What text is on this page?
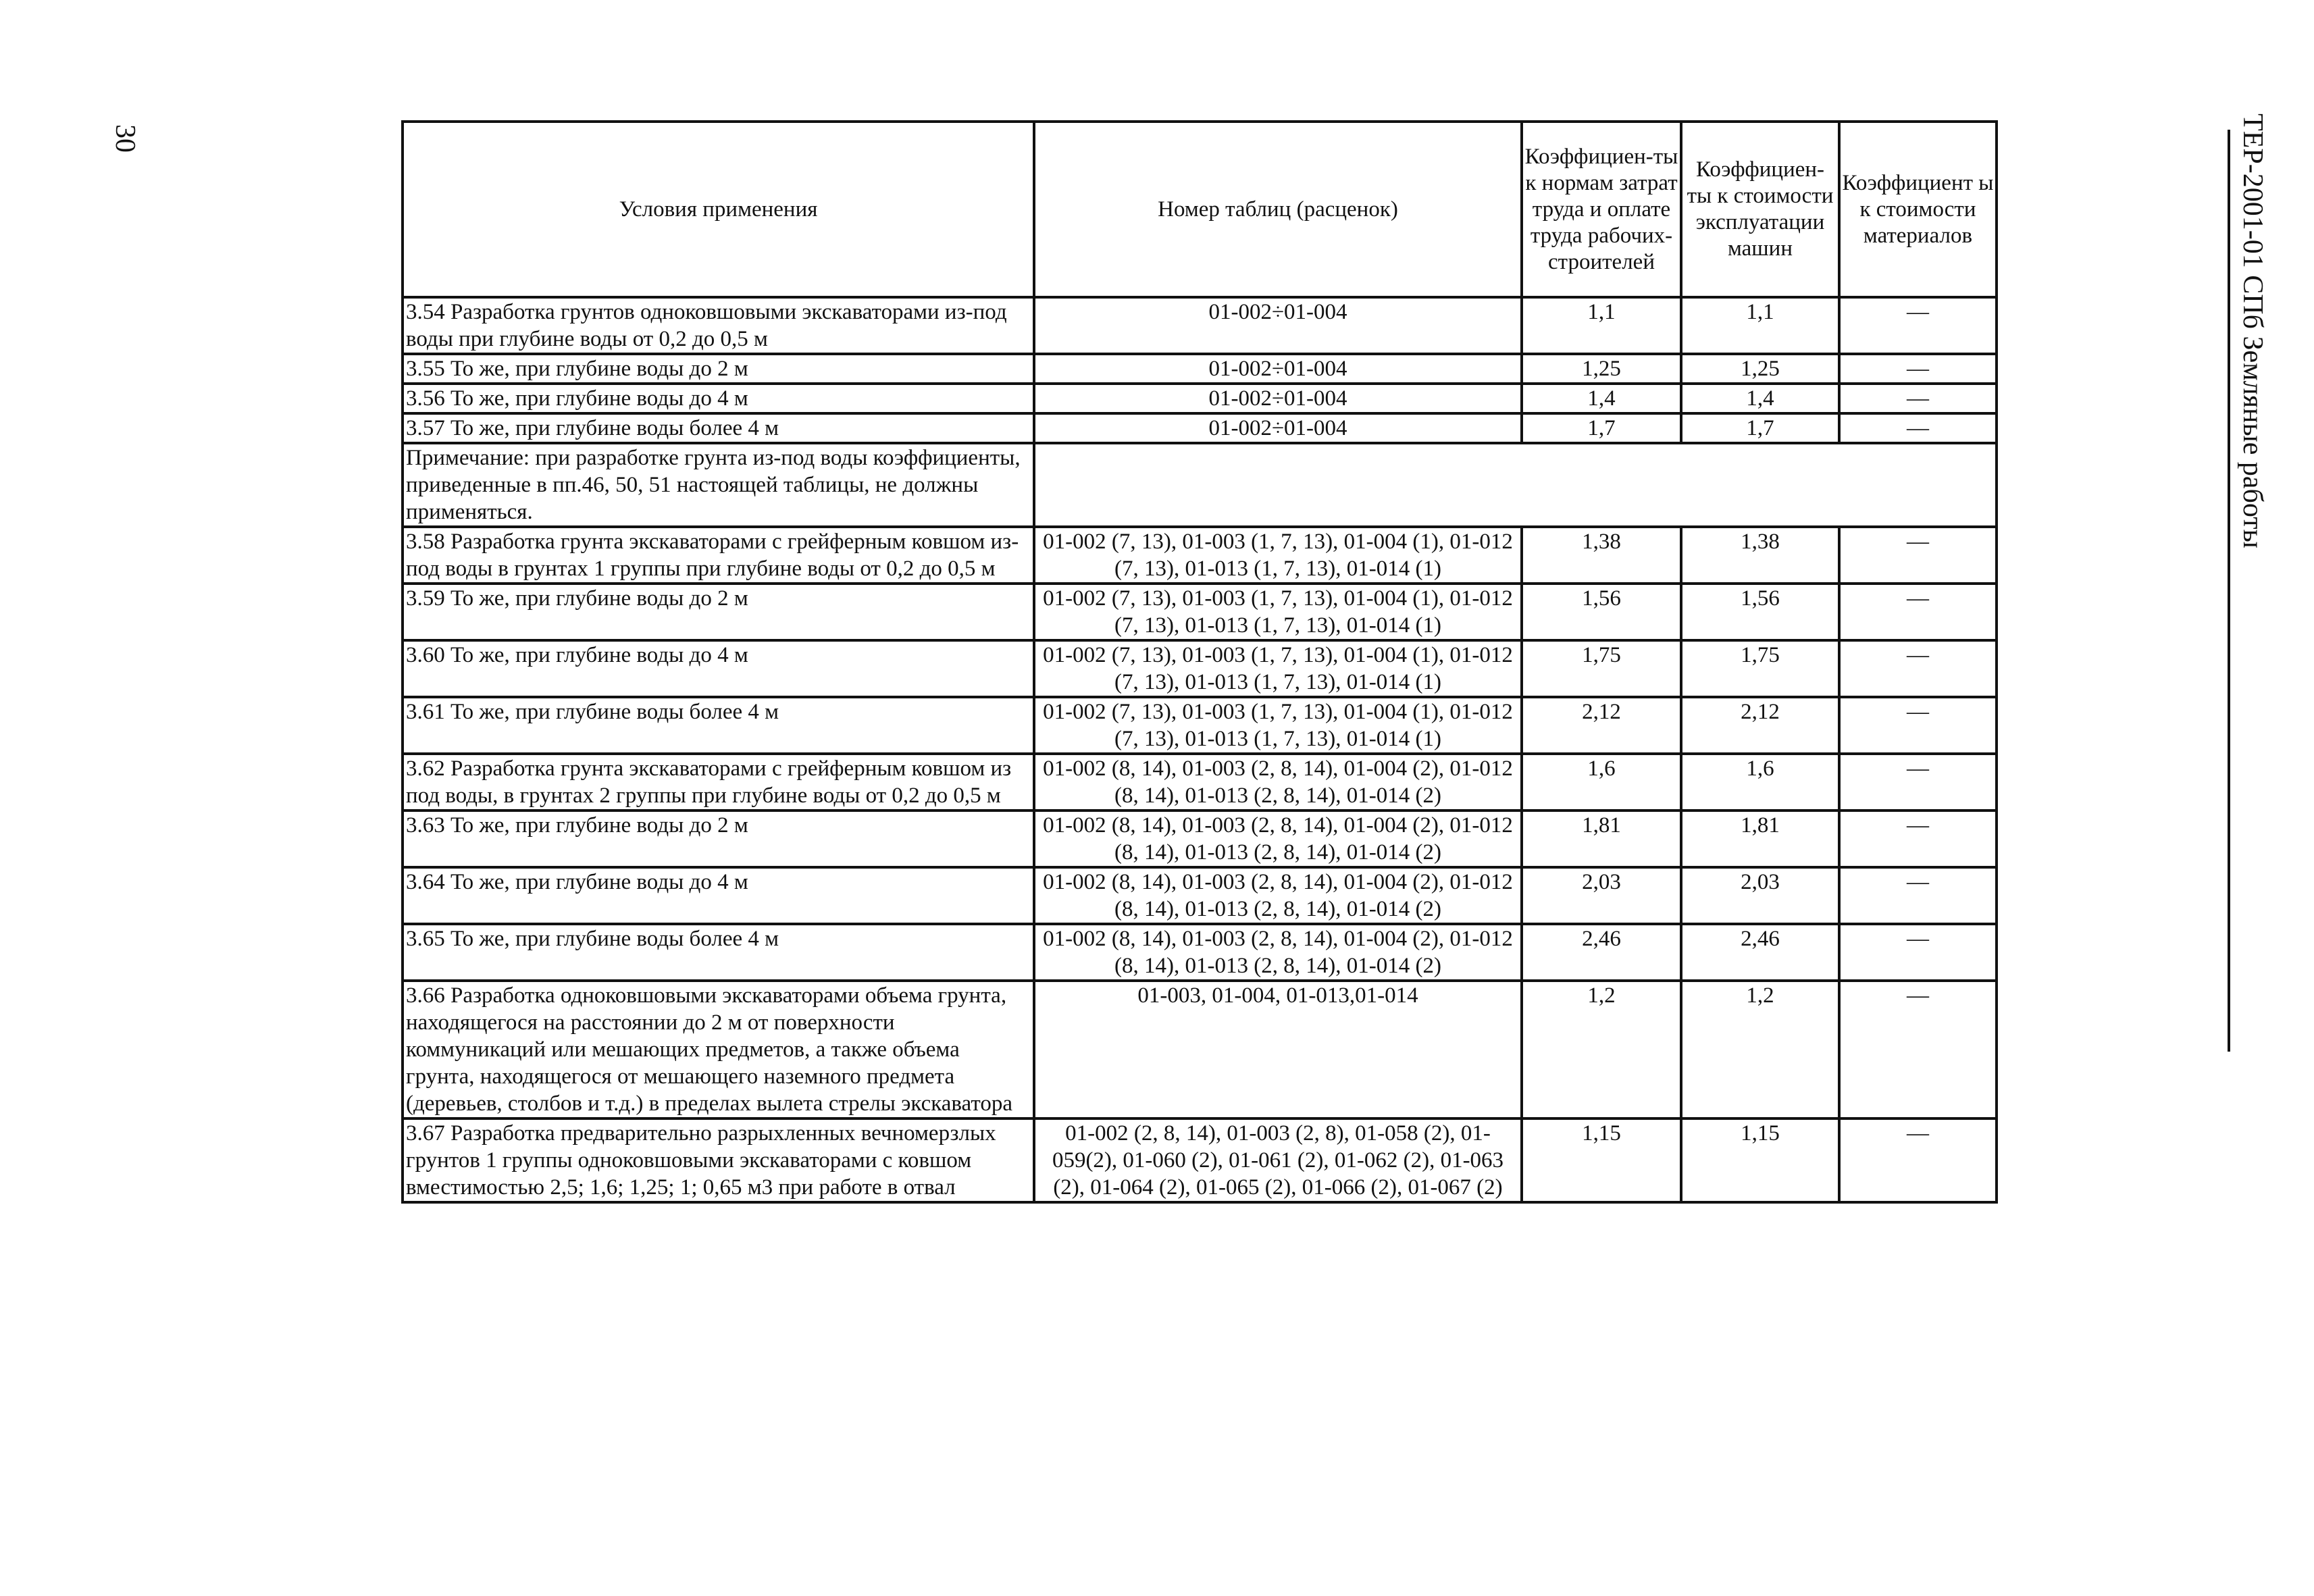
30	ТЕР-2001-01 СПб Земляные работы
Условия применения	Номер таблиц (расценок)	Коэффициен-ты к нормам затрат труда и оплате труда рабочих-строителей	Коэффициен-ты к стоимости эксплуатации машин	Коэффициент ы к стоимости материалов
3.54 Разработка грунтов одноковшовыми экскаваторами из-под воды при глубине воды от 0,2 до 0,5 м	01-002÷01-004	1,1	1,1	—
3.55 То же, при глубине воды до 2 м	01-002÷01-004	1,25	1,25	—
3.56 То же, при глубине воды до 4 м	01-002÷01-004	1,4	1,4	—
3.57 То же, при глубине воды более 4 м	01-002÷01-004	1,7	1,7	—
Примечание: при разработке грунта из-под воды коэффициенты, приведенные в пп.46, 50, 51 настоящей таблицы, не должны применяться.				
3.58 Разработка грунта экскаваторами с грейферным ковшом из-под воды в грунтах 1 группы при глубине воды от 0,2 до 0,5 м	01-002 (7, 13), 01-003 (1, 7, 13), 01-004 (1), 01-012 (7, 13), 01-013 (1, 7, 13), 01-014 (1)	1,38	1,38	—
3.59 То же, при глубине воды до 2 м	01-002 (7, 13), 01-003 (1, 7, 13), 01-004 (1), 01-012 (7, 13), 01-013 (1, 7, 13), 01-014 (1)	1,56	1,56	—
3.60 То же, при глубине воды до 4 м	01-002 (7, 13), 01-003 (1, 7, 13), 01-004 (1), 01-012 (7, 13), 01-013 (1, 7, 13), 01-014 (1)	1,75	1,75	—
3.61 То же, при глубине воды более 4 м	01-002 (7, 13), 01-003 (1, 7, 13), 01-004 (1), 01-012 (7, 13), 01-013 (1, 7, 13), 01-014 (1)	2,12	2,12	—
3.62 Разработка грунта экскаваторами с грейферным ковшом из под воды, в грунтах 2 группы при глубине воды от 0,2 до 0,5 м	01-002 (8, 14), 01-003 (2, 8, 14), 01-004 (2), 01-012 (8, 14), 01-013 (2, 8, 14), 01-014 (2)	1,6	1,6	—
3.63 То же, при глубине воды до 2 м	01-002 (8, 14), 01-003 (2, 8, 14), 01-004 (2), 01-012 (8, 14), 01-013 (2, 8, 14), 01-014 (2)	1,81	1,81	—
3.64 То же, при глубине воды до 4 м	01-002 (8, 14), 01-003 (2, 8, 14), 01-004 (2), 01-012 (8, 14), 01-013 (2, 8, 14), 01-014 (2)	2,03	2,03	—
3.65 То же, при глубине воды более 4 м	01-002 (8, 14), 01-003 (2, 8, 14), 01-004 (2), 01-012 (8, 14), 01-013 (2, 8, 14), 01-014 (2)	2,46	2,46	—
3.66 Разработка одноковшовыми экскаваторами объема грунта, находящегося на расстоянии до 2 м от поверхности коммуникаций или мешающих предметов, а также объема грунта, находящегося от мешающего наземного предмета (деревьев, столбов и т.д.) в пределах вылета стрелы экскаватора	01-003, 01-004, 01-013,01-014	1,2	1,2	—
3.67 Разработка предварительно разрыхленных вечномерзлых грунтов 1 группы одноковшовыми экскаваторами с ковшом вместимостью 2,5; 1,6; 1,25; 1; 0,65 м3 при работе в отвал	01-002 (2, 8, 14), 01-003 (2, 8), 01-058 (2), 01-059(2), 01-060 (2), 01-061 (2), 01-062 (2), 01-063 (2), 01-064 (2), 01-065 (2), 01-066 (2), 01-067 (2)	1,15	1,15	—
